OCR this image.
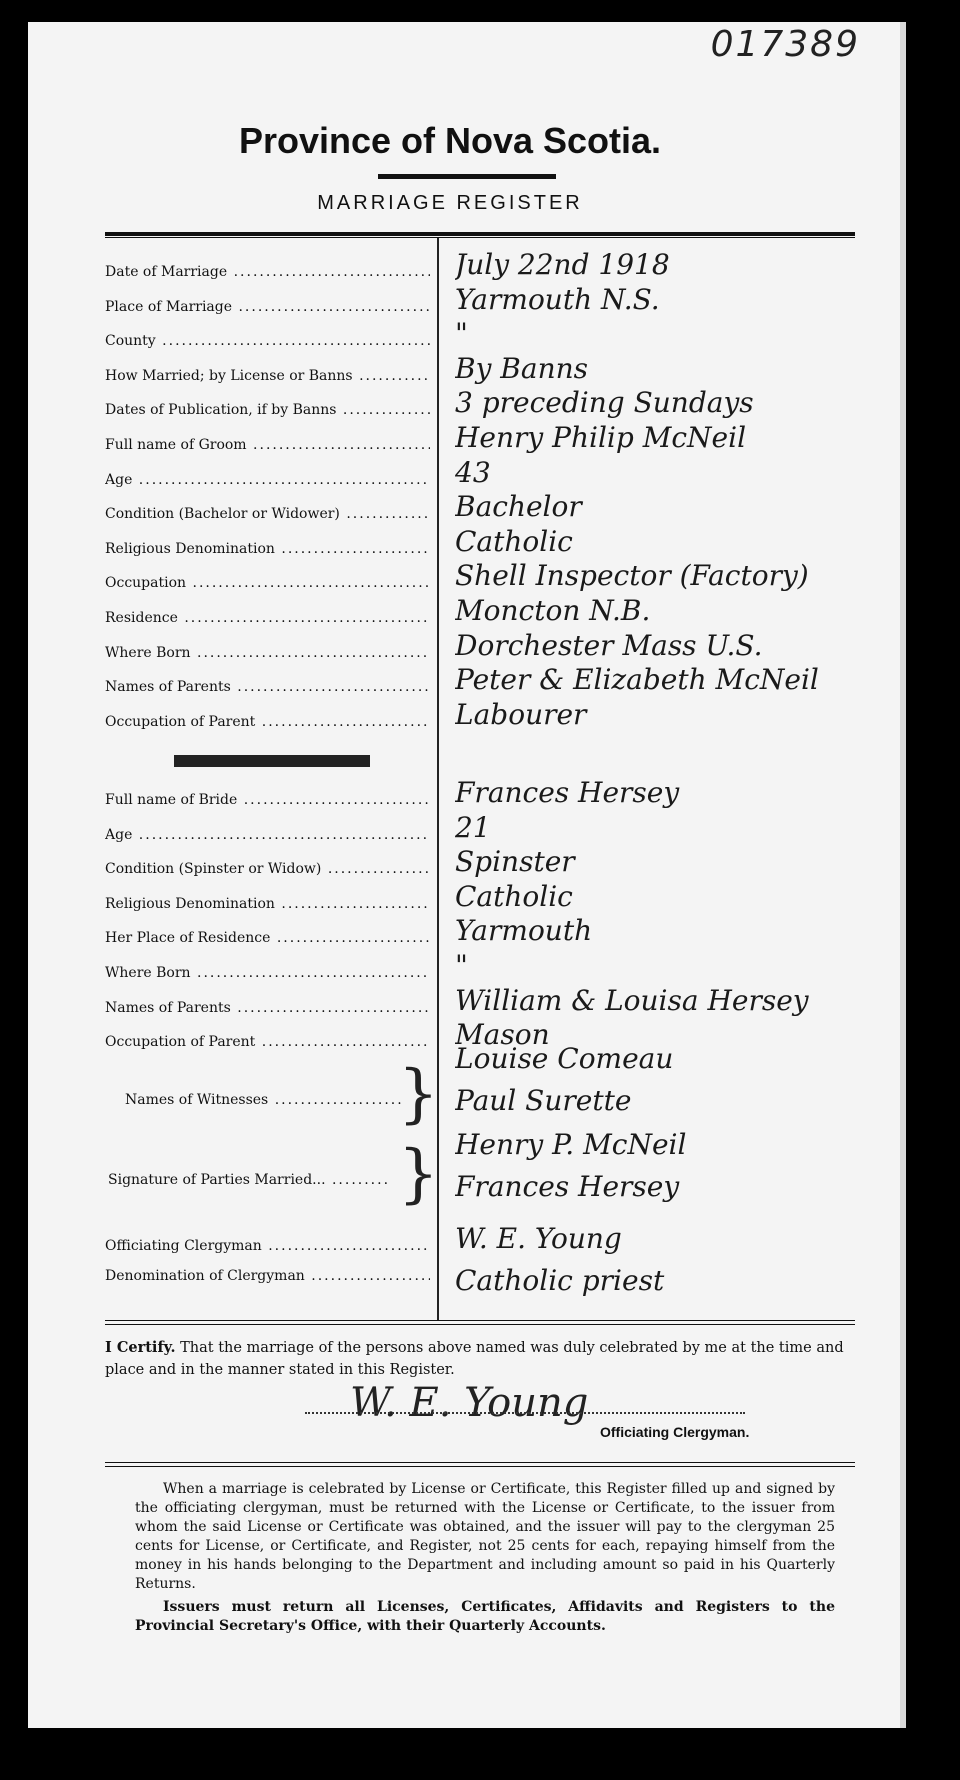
017389
Province of Nova Scotia.
MARRIAGE REGISTER
Date of Marriage .....	July 22nd 1918
Place of Marriage .....	Yarmouth N.S.
County .....	"
How Married; by License or Banns .....	By Banns
Dates of Publication, if by Banns .....	3 preceding Sundays
Full name of Groom .....	Henry Philip McNeil
Age .....	43
Condition (Bachelor or Widower) .....	Bachelor
Religious Denomination .....	Catholic
Occupation .....	Shell Inspector (Factory)
Residence .....	Moncton N.B.
Where Born .....	Dorchester Mass U.S.
Names of Parents .....	Peter & Elizabeth McNeil
Occupation of Parent .....	Labourer
Full name of Bride .....	Frances Hersey
Age .....	21
Condition (Spinster or Widow) .....	Spinster
Religious Denomination .....	Catholic
Her Place of Residence .....	Yarmouth
Where Born .....	"
Names of Parents .....	William & Louisa Hersey
Occupation of Parent .....	Mason
Names of Witnesses .....	} Louise Comeau
Paul Surette
Signature of Parties Married... .....	} Henry P. McNeil
Frances Hersey
Officiating Clergyman .....	W. E. Young
Denomination of Clergyman .....	Catholic priest
I Certify. That the marriage of the persons above named was duly celebrated by me at the time and place and in the manner stated in this Register.
W. E. Young
Officiating Clergyman.
When a marriage is celebrated by License or Certificate, this Register filled up and signed by the officiating clergyman, must be returned with the License or Certificate, to the issuer from whom the said License or Certificate was obtained, and the issuer will pay to the clergyman 25 cents for License, or Certificate, and Register, not 25 cents for each, repaying himself from the money in his hands belonging to the Department and including amount so paid in his Quarterly Returns.
Issuers must return all Licenses, Certificates, Affidavits and Registers to the Provincial Secretary's Office, with their Quarterly Accounts.
